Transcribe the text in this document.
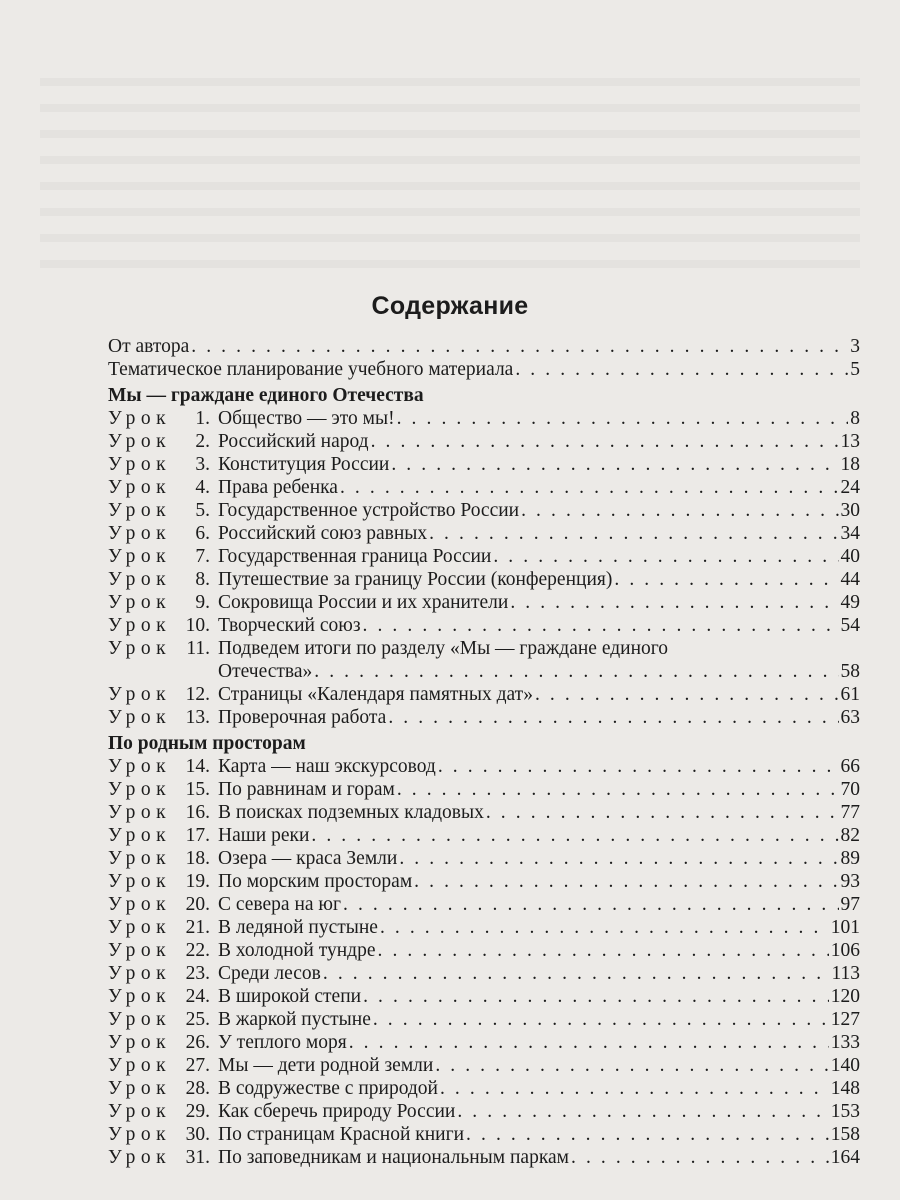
Содержание
От автора . . .	3
Тематическое планирование учебного материала . . .	5
Мы — граждане единого Отечества
Урок	1. Общество — это мы! . . .	8
Урок	2. Российский народ . . .	13
Урок	3. Конституция России . . .	18
Урок	4. Права ребенка . . .	24
Урок	5. Государственное устройство России . . .	30
Урок	6. Российский союз равных . . .	34
Урок	7. Государственная граница России . . .	40
Урок	8. Путешествие за границу России (конференция) . . .	44
Урок	9. Сокровища России и их хранители . . .	49
Урок 10. Творческий союз . . .	54
Урок 11. Подведем итоги по разделу «Мы — граждане единого
Отечества» . . .	58
Урок 12. Страницы «Календаря памятных дат» . . .	61
Урок 13. Проверочная работа . . .	63
По родным просторам
Урок 14. Карта — наш экскурсовод . . .	66
Урок 15. По равнинам и горам . . .	70
Урок 16. В поисках подземных кладовых . . .	77
Урок 17. Наши реки . . .	82
Урок 18. Озера — краса Земли . . .	89
Урок 19. По морским просторам . . .	93
Урок 20. С севера на юг . . .	97
Урок 21. В ледяной пустыне . . .	101
Урок 22. В холодной тундре . . .	106
Урок 23. Среди лесов . . .	113
Урок 24. В широкой степи . . .	120
Урок 25. В жаркой пустыне . . .	127
Урок 26. У теплого моря . . .	133
Урок 27. Мы — дети родной земли . . .	140
Урок 28. В содружестве с природой . . .	148
Урок 29. Как сберечь природу России . . .	153
Урок 30. По страницам Красной книги . . .	158
Урок 31. По заповедникам и национальным паркам . . .	164
